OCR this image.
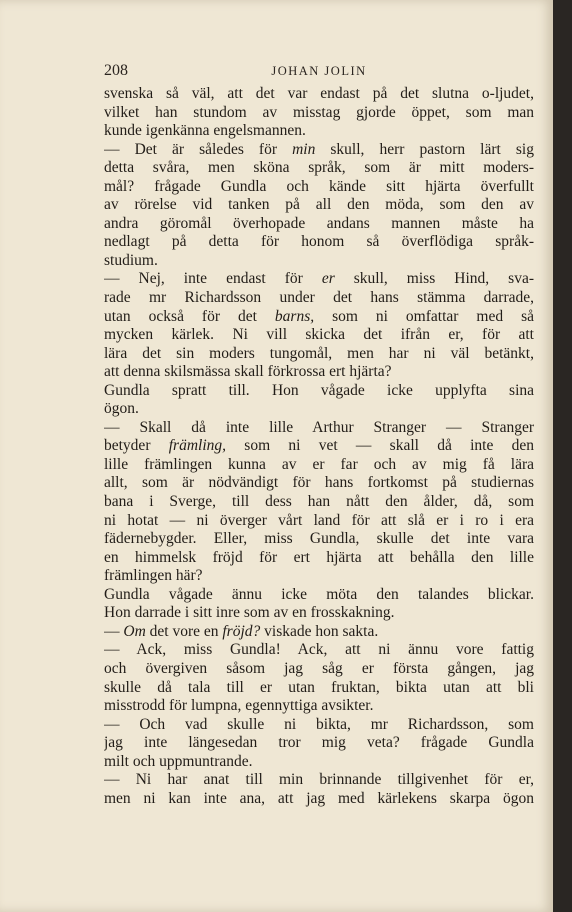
208	JOHAN JOLIN
svenska så väl, att det var endast på det slutna o-ljudet,
vilket han stundom av misstag gjorde öppet, som man
kunde igenkänna engelsmannen.
— Det är således för min skull, herr pastorn lärt sig
detta svåra, men sköna språk, som är mitt moders-
mål? frågade Gundla och kände sitt hjärta överfullt
av rörelse vid tanken på all den möda, som den av
andra göromål överhopade andans mannen måste ha
nedlagt på detta för honom så överflödiga språk-
studium.
— Nej, inte endast för er skull, miss Hind, sva-
rade mr Richardsson under det hans stämma darrade,
utan också för det barns, som ni omfattar med så
mycken kärlek. Ni vill skicka det ifrån er, för att
lära det sin moders tungomål, men har ni väl betänkt,
att denna skilsmässa skall förkrossa ert hjärta?
Gundla spratt till. Hon vågade icke upplyfta sina
ögon.
— Skall då inte lille Arthur Stranger — Stranger
betyder främling, som ni vet — skall då inte den
lille främlingen kunna av er far och av mig få lära
allt, som är nödvändigt för hans fortkomst på studiernas
bana i Sverge, till dess han nått den ålder, då, som
ni hotat — ni överger vårt land för att slå er i ro i era
fädernebygder. Eller, miss Gundla, skulle det inte vara
en himmelsk fröjd för ert hjärta att behålla den lille
främlingen här?
Gundla vågade ännu icke möta den talandes blickar.
Hon darrade i sitt inre som av en frosskakning.
— Om det vore en fröjd? viskade hon sakta.
— Ack, miss Gundla! Ack, att ni ännu vore fattig
och övergiven såsom jag såg er första gången, jag
skulle då tala till er utan fruktan, bikta utan att bli
misstrodd för lumpna, egennyttiga avsikter.
— Och vad skulle ni bikta, mr Richardsson, som
jag inte längesedan tror mig veta? frågade Gundla
milt och uppmuntrande.
— Ni har anat till min brinnande tillgivenhet för er,
men ni kan inte ana, att jag med kärlekens skarpa ögon
